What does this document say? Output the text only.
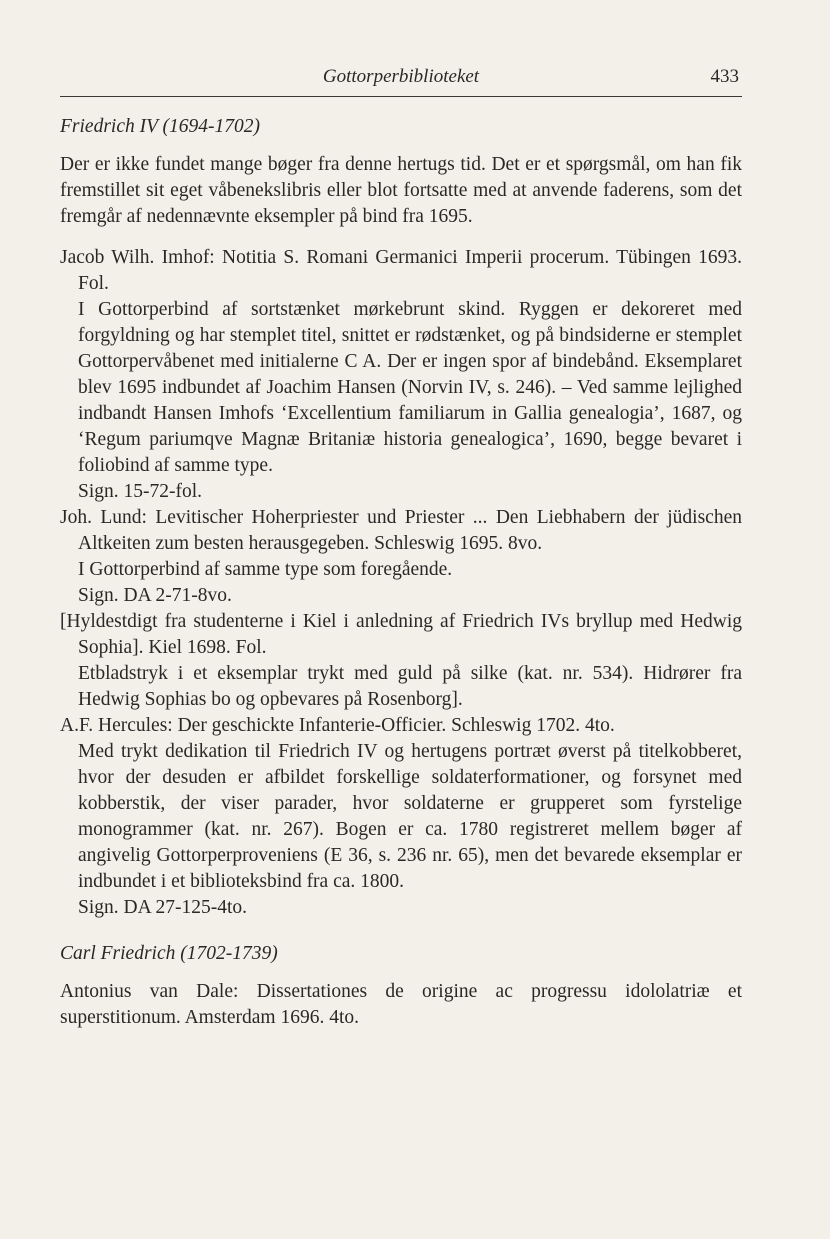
Gottorperbiblioteket	433
Friedrich IV (1694-1702)

Der er ikke fundet mange bøger fra denne hertugs tid. Det er et spørgsmål, om han fik fremstillet sit eget våbenekslibris eller blot fortsatte med at anvende faderens, som det fremgår af nedennævnte eksempler på bind fra 1695.

Jacob Wilh. Imhof: Notitia S. Romani Germanici Imperii procerum. Tübingen 1693. Fol.
I Gottorperbind af sortstænket mørkebrunt skind. Ryggen er dekoreret med forgyldning og har stemplet titel, snittet er rødstænket, og på bindsiderne er stemplet Gottorpervåbenet med initialerne C A. Der er ingen spor af bindebånd. Eksemplaret blev 1695 indbundet af Joachim Hansen (Norvin IV, s. 246). – Ved samme lejlighed indbandt Hansen Imhofs ‘Excellentium familiarum in Gallia genealogia’, 1687, og ‘Regum pariumqve Magnæ Britaniæ historia genealogica’, 1690, begge bevaret i foliobind af samme type.
Sign. 15-72-fol.
Joh. Lund: Levitischer Hoherpriester und Priester ... Den Liebhabern der jüdischen Altkeiten zum besten herausgegeben. Schleswig 1695. 8vo.
I Gottorperbind af samme type som foregående.
Sign. DA 2-71-8vo.
[Hyldestdigt fra studenterne i Kiel i anledning af Friedrich IVs bryllup med Hedwig Sophia]. Kiel 1698. Fol.
Etbladstryk i et eksemplar trykt med guld på silke (kat. nr. 534). Hidrører fra Hedwig Sophias bo og opbevares på Rosenborg].
A.F. Hercules: Der geschickte Infanterie-Officier. Schleswig 1702. 4to.
Med trykt dedikation til Friedrich IV og hertugens portræt øverst på titelkobberet, hvor der desuden er afbildet forskellige soldaterformationer, og forsynet med kobberstik, der viser parader, hvor soldaterne er grupperet som fyrstelige monogrammer (kat. nr. 267). Bogen er ca. 1780 registreret mellem bøger af angivelig Gottorperproveniens (E 36, s. 236 nr. 65), men det bevarede eksemplar er indbundet i et biblioteksbind fra ca. 1800.
Sign. DA 27-125-4to.
Carl Friedrich (1702-1739)

Antonius van Dale: Dissertationes de origine ac progressu idololatriæ et superstitionum. Amsterdam 1696. 4to.
